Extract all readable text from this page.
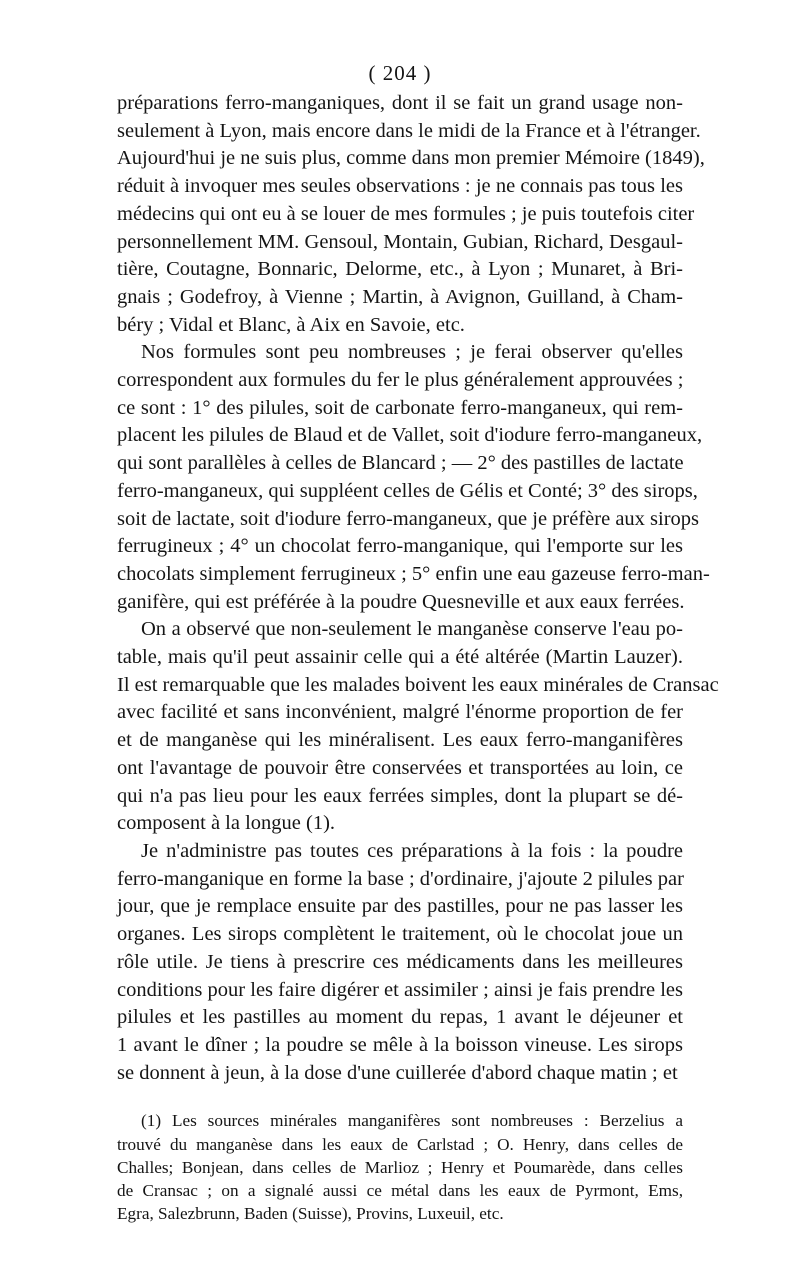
( 204 )

préparations ferro-manganiques, dont il se fait un grand usage non-
seulement à Lyon, mais encore dans le midi de la France et à l'étranger.
Aujourd'hui je ne suis plus, comme dans mon premier Mémoire (1849),
réduit à invoquer mes seules observations : je ne connais pas tous les
médecins qui ont eu à se louer de mes formules ; je puis toutefois citer
personnellement MM. Gensoul, Montain, Gubian, Richard, Desgaul-
tière, Coutagne, Bonnaric, Delorme, etc., à Lyon ; Munaret, à Bri-
gnais ; Godefroy, à Vienne ; Martin, à Avignon, Guilland, à Cham-
béry ; Vidal et Blanc, à Aix en Savoie, etc.

Nos formules sont peu nombreuses ; je ferai observer qu'elles
correspondent aux formules du fer le plus généralement approuvées ;
ce sont : 1° des pilules, soit de carbonate ferro-manganeux, qui rem-
placent les pilules de Blaud et de Vallet, soit d'iodure ferro-manganeux,
qui sont parallèles à celles de Blancard ; — 2° des pastilles de lactate
ferro-manganeux, qui suppléent celles de Gélis et Conté; 3° des sirops,
soit de lactate, soit d'iodure ferro-manganeux, que je préfère aux sirops
ferrugineux ; 4° un chocolat ferro-manganique, qui l'emporte sur les
chocolats simplement ferrugineux ; 5° enfin une eau gazeuse ferro-man-
ganifère, qui est préférée à la poudre Quesneville et aux eaux ferrées.

On a observé que non-seulement le manganèse conserve l'eau po-
table, mais qu'il peut assainir celle qui a été altérée (Martin Lauzer).
Il est remarquable que les malades boivent les eaux minérales de Cransac
avec facilité et sans inconvénient, malgré l'énorme proportion de fer
et de manganèse qui les minéralisent. Les eaux ferro-manganifères
ont l'avantage de pouvoir être conservées et transportées au loin, ce
qui n'a pas lieu pour les eaux ferrées simples, dont la plupart se dé-
composent à la longue (1).

Je n'administre pas toutes ces préparations à la fois : la poudre
ferro-manganique en forme la base ; d'ordinaire, j'ajoute 2 pilules par
jour, que je remplace ensuite par des pastilles, pour ne pas lasser les
organes. Les sirops complètent le traitement, où le chocolat joue un
rôle utile. Je tiens à prescrire ces médicaments dans les meilleures
conditions pour les faire digérer et assimiler ; ainsi je fais prendre les
pilules et les pastilles au moment du repas, 1 avant le déjeuner et
1 avant le dîner ; la poudre se mêle à la boisson vineuse. Les sirops
se donnent à jeun, à la dose d'une cuillerée d'abord chaque matin ; et

(1) Les sources minérales manganifères sont nombreuses : Berzelius a
trouvé du manganèse dans les eaux de Carlstad ; O. Henry, dans celles de
Challes; Bonjean, dans celles de Marlioz ; Henry et Poumarède, dans celles
de Cransac ; on a signalé aussi ce métal dans les eaux de Pyrmont, Ems,
Egra, Salezbrunn, Baden (Suisse), Provins, Luxeuil, etc.
